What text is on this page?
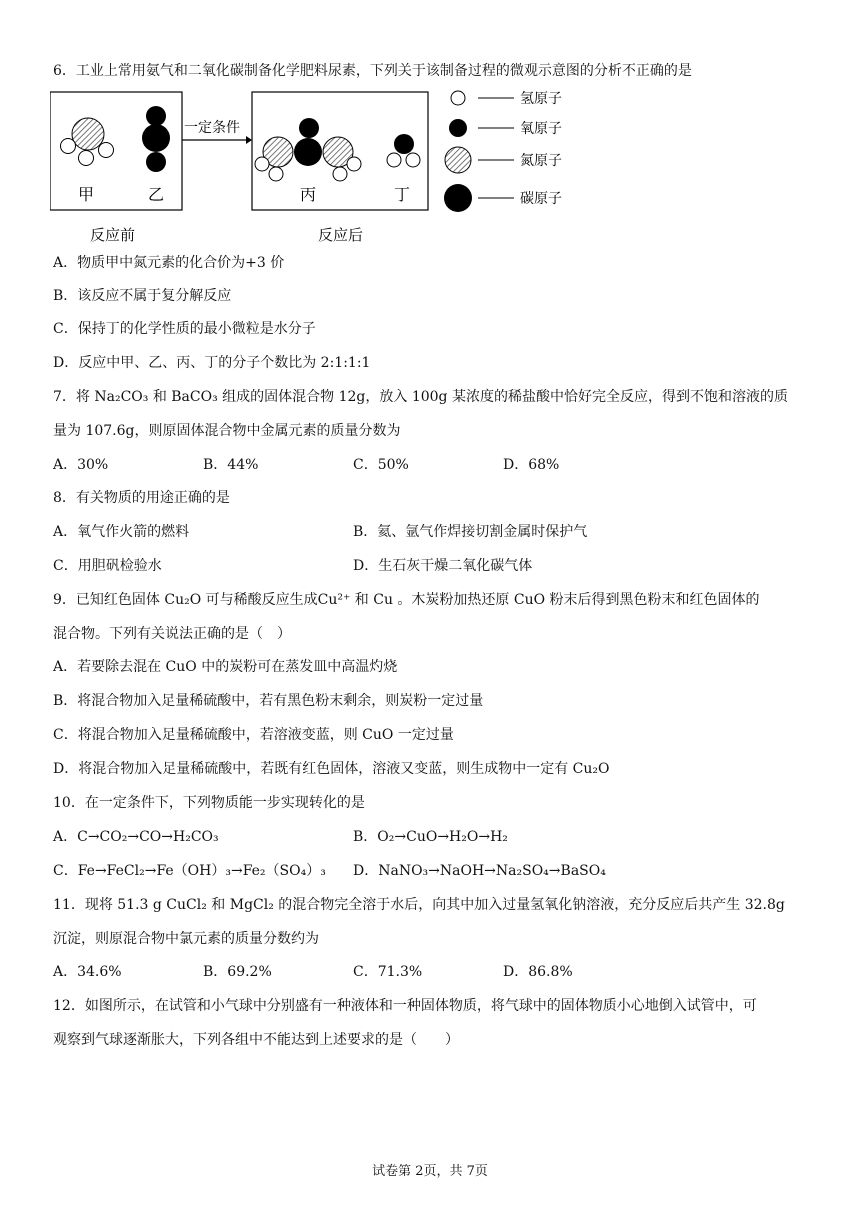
6．工业上常用氨气和二氧化碳制备化学肥料尿素，下列关于该制备过程的微观示意图的分析不正确的是
甲	乙
一定条件
丙	丁
反应前	反应后
氢原子
氧原子
氮原子
碳原子
A．物质甲中氮元素的化合价为+3 价
B．该反应不属于复分解反应
C．保持丁的化学性质的最小微粒是水分子
D．反应中甲、乙、丙、丁的分子个数比为 2:1:1:1
7．将 Na₂CO₃ 和 BaCO₃ 组成的固体混合物 12g，放入 100g 某浓度的稀盐酸中恰好完全反应，得到不饱和溶液的质
量为 107.6g，则原固体混合物中金属元素的质量分数为
A．30%	B．44%	C．50%	D．68%
8．有关物质的用途正确的是
A．氧气作火箭的燃料	B．氦、氩气作焊接切割金属时保护气
C．用胆矾检验水	D．生石灰干燥二氧化碳气体
9．已知红色固体 Cu₂O 可与稀酸反应生成Cu²⁺ 和 Cu 。木炭粉加热还原 CuO 粉末后得到黑色粉末和红色固体的
混合物。下列有关说法正确的是（　）
A．若要除去混在 CuO 中的炭粉可在蒸发皿中高温灼烧
B．将混合物加入足量稀硫酸中，若有黑色粉末剩余，则炭粉一定过量
C．将混合物加入足量稀硫酸中，若溶液变蓝，则 CuO 一定过量
D．将混合物加入足量稀硫酸中，若既有红色固体，溶液又变蓝，则生成物中一定有 Cu₂O
10．在一定条件下，下列物质能一步实现转化的是
A．C→CO₂→CO→H₂CO₃	B．O₂→CuO→H₂O→H₂
C．Fe→FeCl₂→Fe（OH）₃→Fe₂（SO₄）₃ D．NaNO₃→NaOH→Na₂SO₄→BaSO₄
11．现将 51.3 g CuCl₂ 和 MgCl₂ 的混合物完全溶于水后，向其中加入过量氢氧化钠溶液，充分反应后共产生 32.8g
沉淀，则原混合物中氯元素的质量分数约为
A．34.6%	B．69.2%	C．71.3%	D．86.8%
12．如图所示，在试管和小气球中分别盛有一种液体和一种固体物质，将气球中的固体物质小心地倒入试管中，可
观察到气球逐渐胀大，下列各组中不能达到上述要求的是（　　）
试卷第 2页，共 7页
